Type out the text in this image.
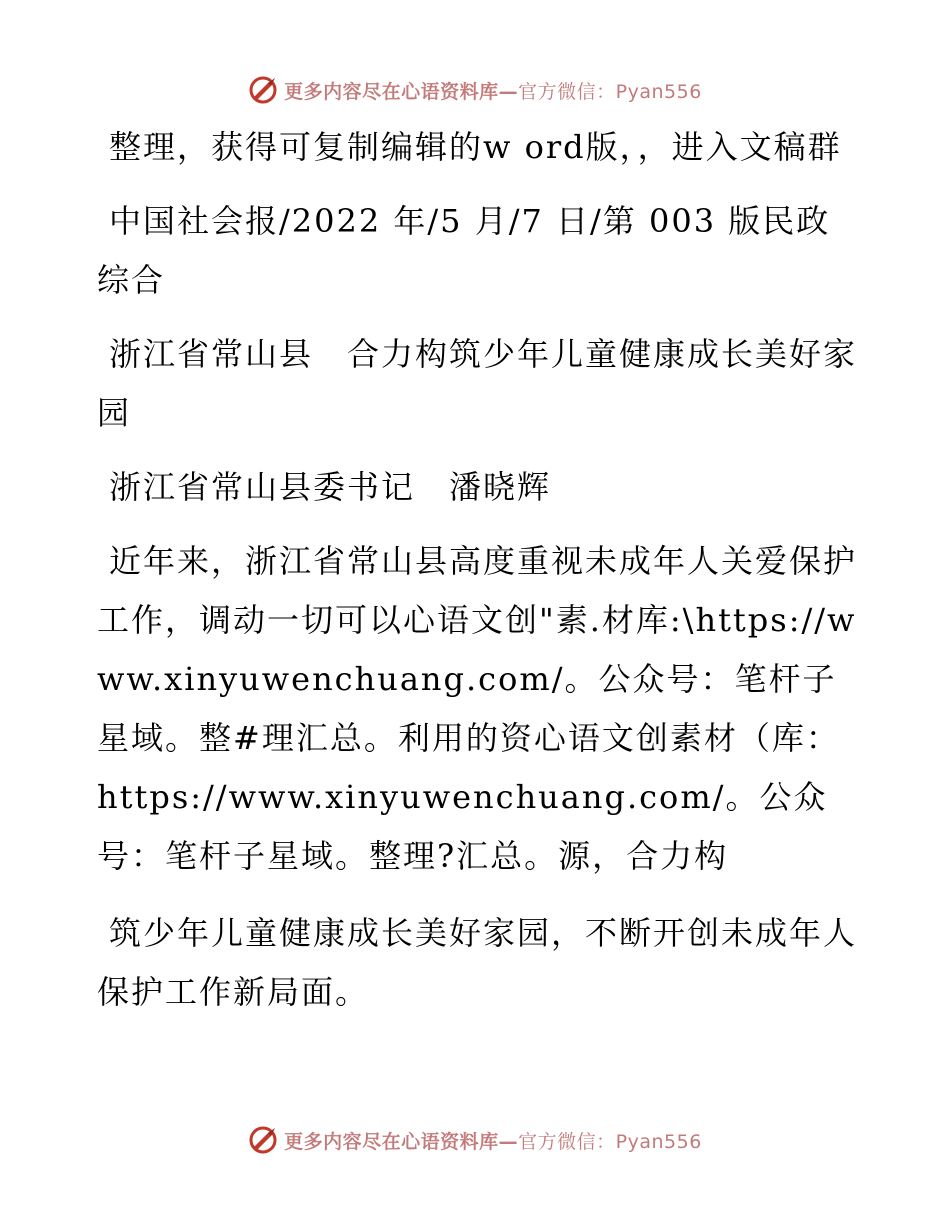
更多内容尽在心语资料库—官方微信：Pyan556

整理，获得可复制编辑的w ord版，，进入文稿群

中国社会报/2022 年/5 月/7 日/第 003 版民政综合

浙江省常山县　合力构筑少年儿童健康成长美好家园

浙江省常山县委书记　潘晓辉

近年来，浙江省常山县高度重视未成年人关爱保护工作，调动一切可以心语文创"素.材库:\https://www.xinyuwenchuang.com/。公众号：笔杆子星域。整#理汇总。利用的资心语文创素材（库：https://www.xinyuwenchuang.com/。公众号：笔杆子星域。整理?汇总。源，合力构

筑少年儿童健康成长美好家园，不断开创未成年人保护工作新局面。

更多内容尽在心语资料库—官方微信：Pyan556
